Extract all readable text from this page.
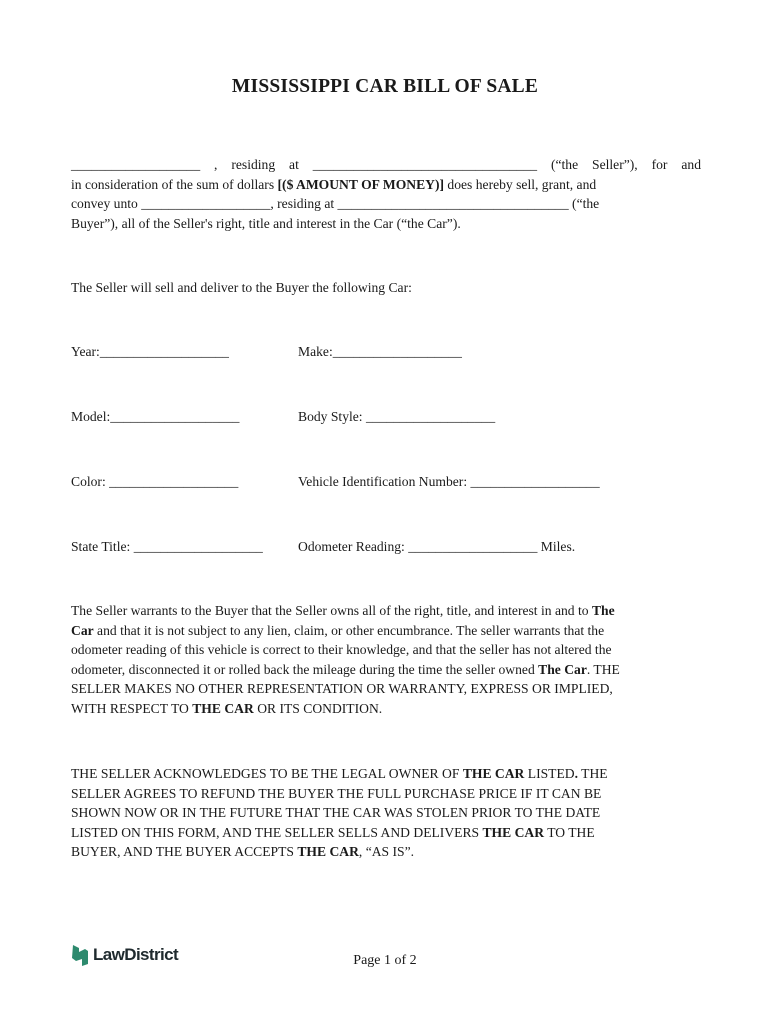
MISSISSIPPI CAR BILL OF SALE
___________________ , residing at _________________________________ (“the Seller”), for and
in consideration of the sum of dollars [($ AMOUNT OF MONEY)] does hereby sell, grant, and
convey unto ___________________, residing at __________________________________ (“the
Buyer”), all of the Seller's right, title and interest in the Car (“the Car”).
The Seller will sell and deliver to the Buyer the following Car:
Year:___________________	Make:___________________
Model:___________________	Body Style: ___________________
Color: ___________________	Vehicle Identification Number: ___________________
State Title: ___________________	Odometer Reading: ___________________ Miles.
The Seller warrants to the Buyer that the Seller owns all of the right, title, and interest in and to The
Car and that it is not subject to any lien, claim, or other encumbrance. The seller warrants that the
odometer reading of this vehicle is correct to their knowledge, and that the seller has not altered the
odometer, disconnected it or rolled back the mileage during the time the seller owned The Car. THE
SELLER MAKES NO OTHER REPRESENTATION OR WARRANTY, EXPRESS OR IMPLIED,
WITH RESPECT TO THE CAR OR ITS CONDITION.
THE SELLER ACKNOWLEDGES TO BE THE LEGAL OWNER OF THE CAR LISTED. THE
SELLER AGREES TO REFUND THE BUYER THE FULL PURCHASE PRICE IF IT CAN BE
SHOWN NOW OR IN THE FUTURE THAT THE CAR WAS STOLEN PRIOR TO THE DATE
LISTED ON THIS FORM, AND THE SELLER SELLS AND DELIVERS THE CAR TO THE
BUYER, AND THE BUYER ACCEPTS THE CAR, “AS IS”.
LawDistrict	Page 1 of 2
